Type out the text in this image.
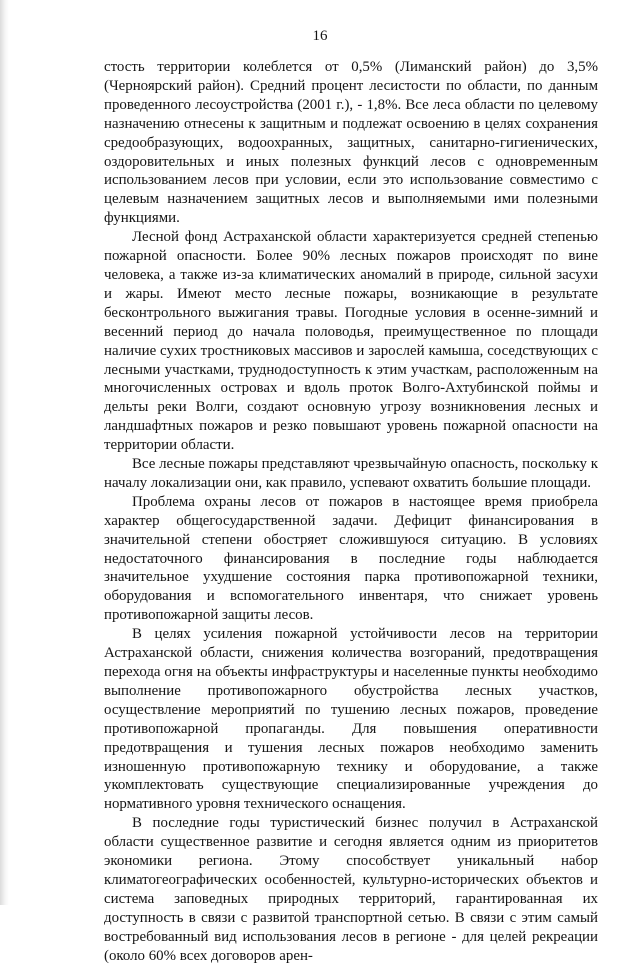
16

стость территории колеблется от 0,5% (Лиманский район) до 3,5% (Черноярский район). Средний процент лесистости по области, по данным проведенного лесоустройства (2001 г.), - 1,8%. Все леса области по целевому назначению отнесены к защитным и подлежат освоению в целях сохранения средообразующих, водоохранных, защитных, санитарно-гигиенических, оздоровительных и иных полезных функций лесов с одновременным использованием лесов при условии, если это использование совместимо с целевым назначением защитных лесов и выполняемыми ими полезными функциями.

Лесной фонд Астраханской области характеризуется средней степенью пожарной опасности. Более 90% лесных пожаров происходят по вине человека, а также из-за климатических аномалий в природе, сильной засухи и жары. Имеют место лесные пожары, возникающие в результате бесконтрольного выжигания травы. Погодные условия в осенне-зимний и весенний период до начала половодья, преимущественное по площади наличие сухих тростниковых массивов и зарослей камыша, соседствующих с лесными участками, труднодоступность к этим участкам, расположенным на многочисленных островах и вдоль проток Волго-Ахтубинской поймы и дельты реки Волги, создают основную угрозу возникновения лесных и ландшафтных пожаров и резко повышают уровень пожарной опасности на территории области.

Все лесные пожары представляют чрезвычайную опасность, поскольку к началу локализации они, как правило, успевают охватить большие площади.

Проблема охраны лесов от пожаров в настоящее время приобрела характер общегосударственной задачи. Дефицит финансирования в значительной степени обостряет сложившуюся ситуацию. В условиях недостаточного финансирования в последние годы наблюдается значительное ухудшение состояния парка противопожарной техники, оборудования и вспомогательного инвентаря, что снижает уровень противопожарной защиты лесов.

В целях усиления пожарной устойчивости лесов на территории Астраханской области, снижения количества возгораний, предотвращения перехода огня на объекты инфраструктуры и населенные пункты необходимо выполнение противопожарного обустройства лесных участков, осуществление мероприятий по тушению лесных пожаров, проведение противопожарной пропаганды. Для повышения оперативности предотвращения и тушения лесных пожаров необходимо заменить изношенную противопожарную технику и оборудование, а также укомплектовать существующие специализированные учреждения до нормативного уровня технического оснащения.

В последние годы туристический бизнес получил в Астраханской области существенное развитие и сегодня является одним из приоритетов экономики региона. Этому способствует уникальный набор климатогеографических особенностей, культурно-исторических объектов и система заповедных природных территорий, гарантированная их доступность в связи с развитой транспортной сетью. В связи с этим самый востребованный вид использования лесов в регионе - для целей рекреации (около 60% всех договоров арен-
